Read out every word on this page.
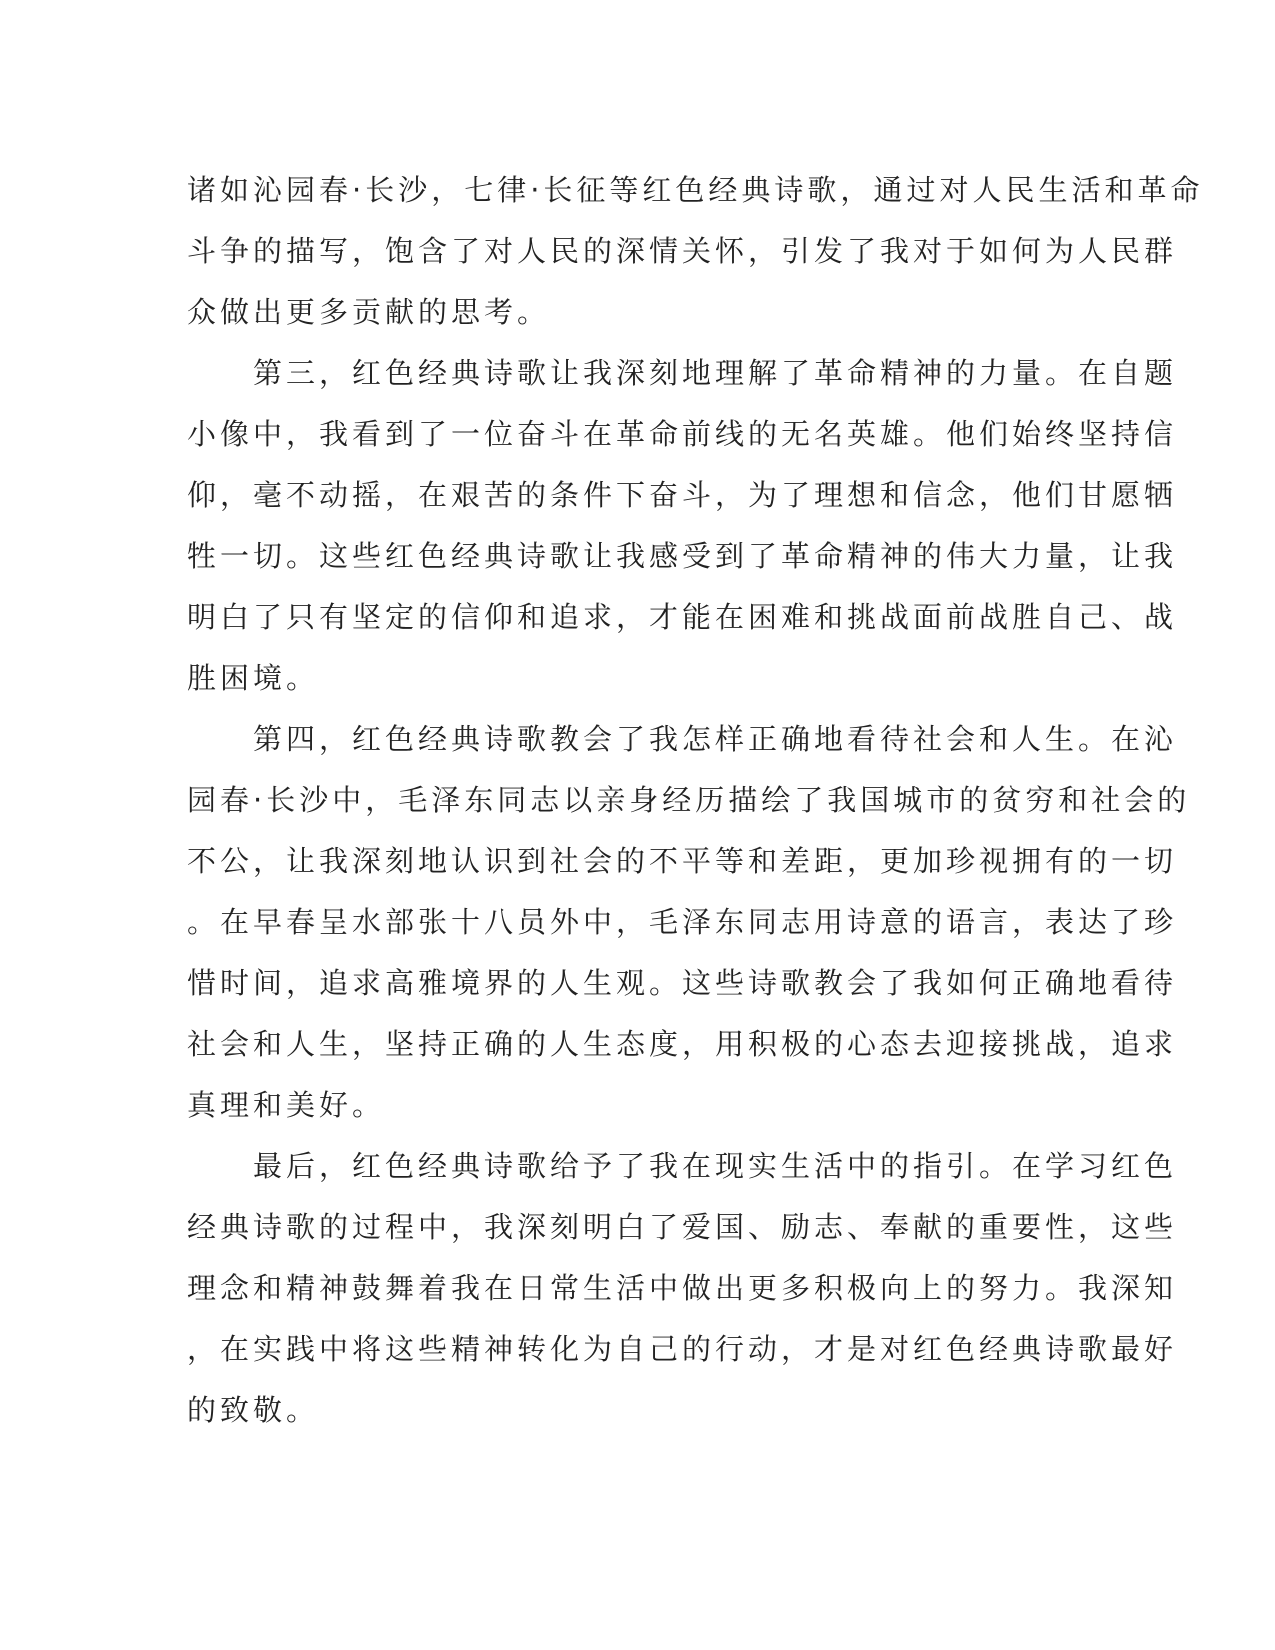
诸如沁园春·长沙，七律·长征等红色经典诗歌，通过对人民生活和革命
斗争的描写，饱含了对人民的深情关怀，引发了我对于如何为人民群
众做出更多贡献的思考。
　　第三，红色经典诗歌让我深刻地理解了革命精神的力量。在自题
小像中，我看到了一位奋斗在革命前线的无名英雄。他们始终坚持信
仰，毫不动摇，在艰苦的条件下奋斗，为了理想和信念，他们甘愿牺
牲一切。这些红色经典诗歌让我感受到了革命精神的伟大力量，让我
明白了只有坚定的信仰和追求，才能在困难和挑战面前战胜自己、战
胜困境。
　　第四，红色经典诗歌教会了我怎样正确地看待社会和人生。在沁
园春·长沙中，毛泽东同志以亲身经历描绘了我国城市的贫穷和社会的
不公，让我深刻地认识到社会的不平等和差距，更加珍视拥有的一切
。在早春呈水部张十八员外中，毛泽东同志用诗意的语言，表达了珍
惜时间，追求高雅境界的人生观。这些诗歌教会了我如何正确地看待
社会和人生，坚持正确的人生态度，用积极的心态去迎接挑战，追求
真理和美好。
　　最后，红色经典诗歌给予了我在现实生活中的指引。在学习红色
经典诗歌的过程中，我深刻明白了爱国、励志、奉献的重要性，这些
理念和精神鼓舞着我在日常生活中做出更多积极向上的努力。我深知
，在实践中将这些精神转化为自己的行动，才是对红色经典诗歌最好
的致敬。
